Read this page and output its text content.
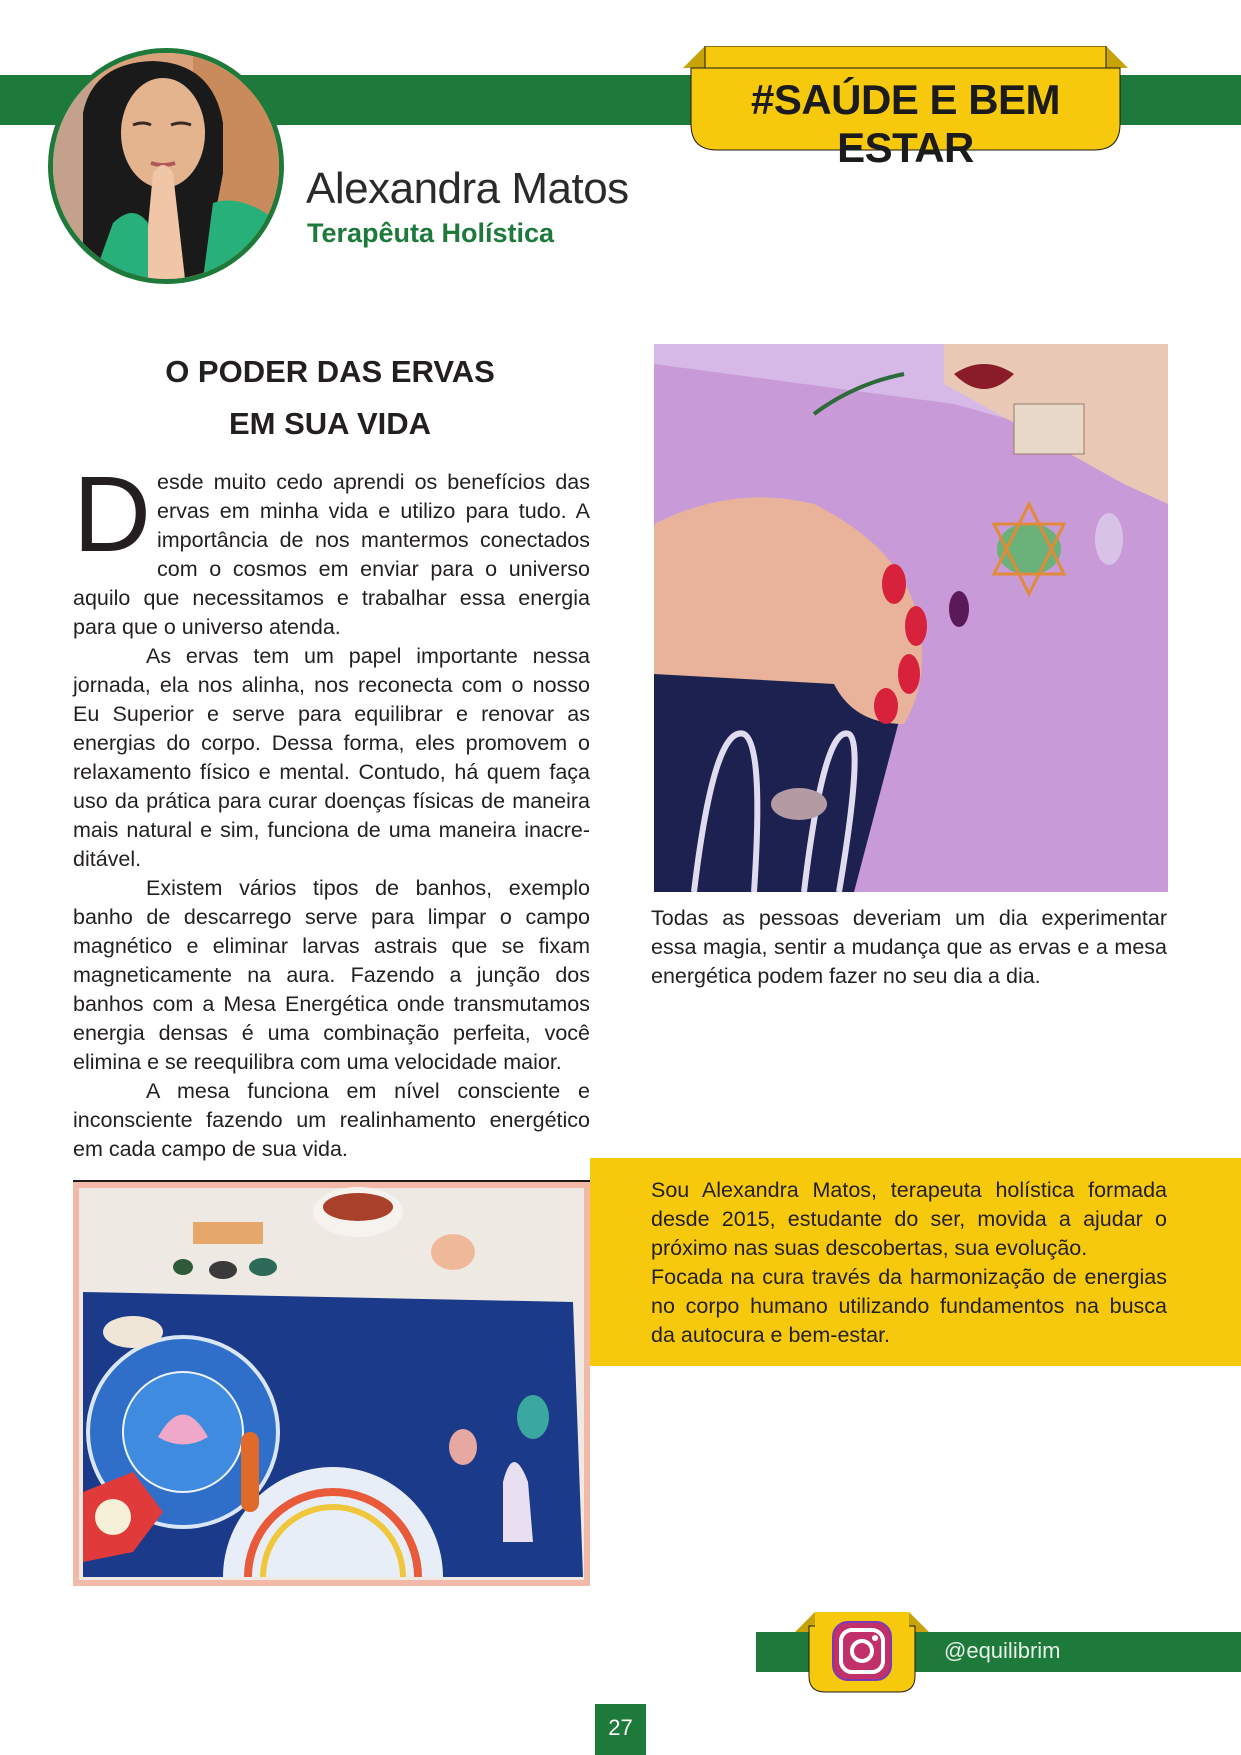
#SAÚDE E BEM ESTAR
Alexandra Matos
Terapêuta Holística
O PODER DAS ERVAS
EM SUA VIDA

Desde muito cedo aprendi os benefícios das ervas em minha vida e utilizo para tudo. A importância de nos mantermos conectados com o cosmos em enviar para o universo aquilo que necessitamos e trabalhar essa energia para que o universo atenda.

As ervas tem um papel importante nessa jornada, ela nos alinha, nos reconecta com o nosso Eu Superior e serve para equilibrar e renovar as energias do corpo. Dessa forma, eles promovem o relaxamento físico e mental. Contudo, há quem faça uso da prática para curar doenças físicas de maneira mais natural e sim, funciona de uma maneira inacre-ditável.

Existem vários tipos de banhos, exemplo banho de descarrego serve para limpar o campo magnético e eliminar larvas astrais que se fixam magneticamente na aura. Fazendo a junção dos banhos com a Mesa Energética onde transmutamos energia densas é uma combinação perfeita, você elimina e se reequilibra com uma velocidade maior.

A mesa funciona em nível consciente e inconsciente fazendo um realinhamento energético em cada campo de sua vida.

Todas as pessoas deveriam um dia experimentar essa magia, sentir a mudança que as ervas e a mesa energética podem fazer no seu dia a dia.

Sou Alexandra Matos, terapeuta holística formada desde 2015, estudante do ser, movida a ajudar o próximo nas suas descobertas, sua evolução.

Focada na cura través da harmonização de energias no corpo humano utilizando fundamentos na busca da autocura e bem-estar.

@equilibrim
27
